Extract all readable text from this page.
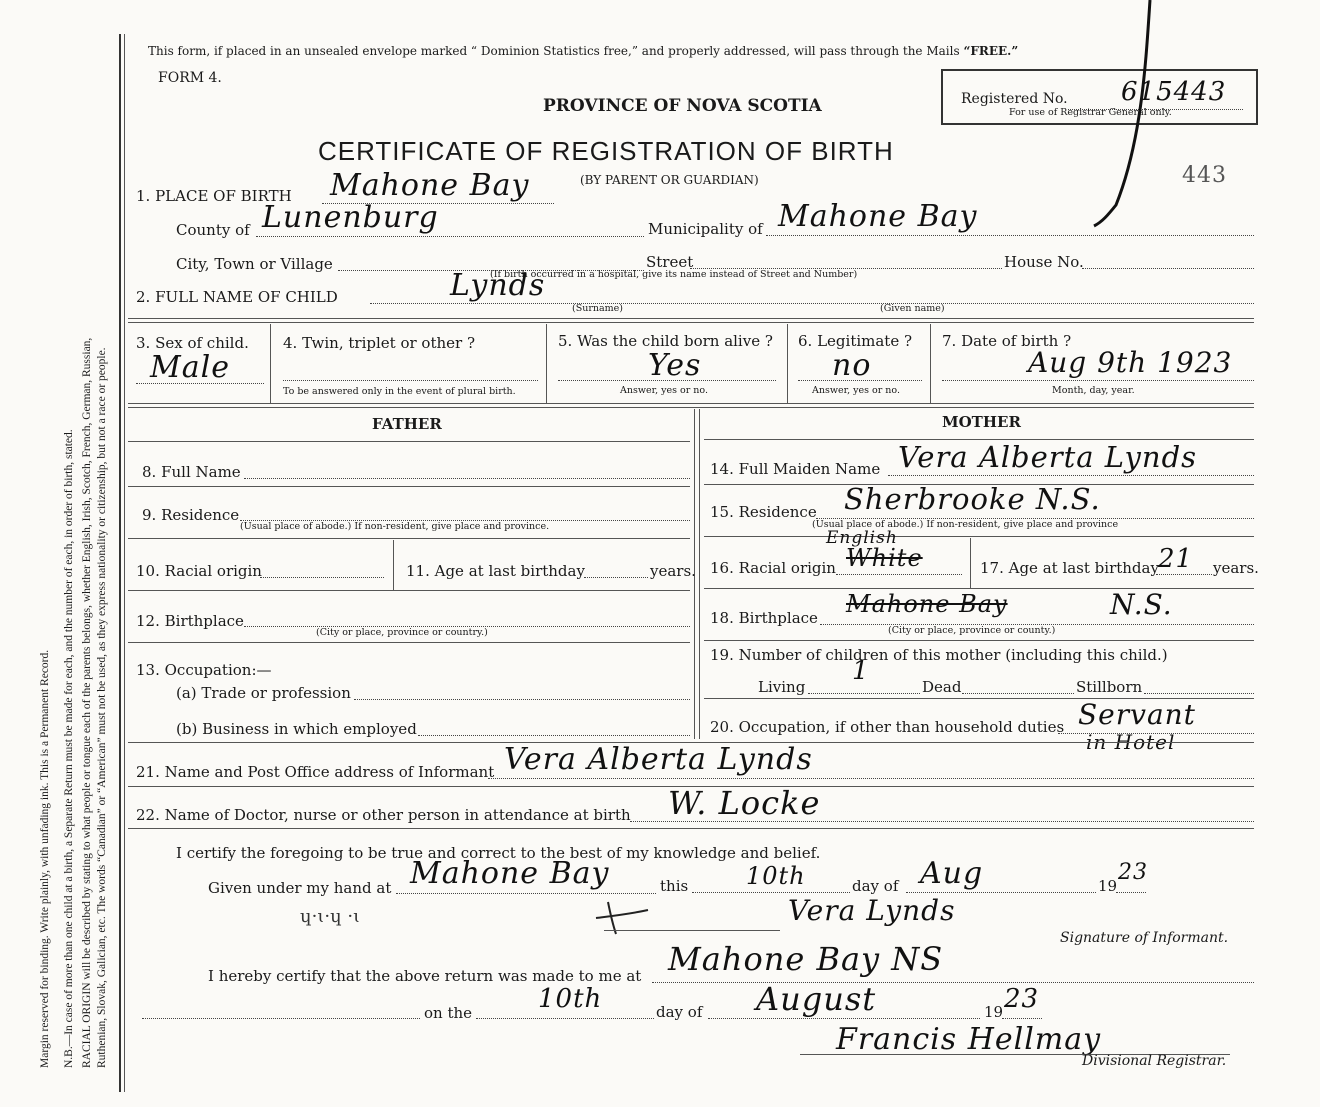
Margin reserved for binding. Write plainly, with unfading ink. This is a Permanent Record. N.B.—In case of more than one child at a birth, a Separate Return must be made for each, and the number of each, in order of birth, stated. RACIAL ORIGIN will be described by stating to what people or tongue each of the parents belongs, whether English, Irish, Scotch, French, German, Russian, Ruthenian, Slovak, Galician, etc. The words “Canadian” or “American” must not be used, as they express nationality or citizenship, but not a race or people.
This form, if placed in an unsealed envelope marked “ Dominion Statistics free,” and properly addressed, will pass through the Mails “FREE.”
FORM 4.
PROVINCE OF NOVA SCOTIA
CERTIFICATE OF REGISTRATION OF BIRTH
(BY PARENT OR GUARDIAN)
Registered No. 615443
For use of Registrar General only.
443
1. PLACE OF BIRTH Mahone Bay
County of Lunenburg	Municipality of Mahone Bay
City, Town or Village	Street	House No.
(If birth occurred in a hospital, give its name instead of Street and Number)
2. FULL NAME OF CHILD	Lynds
(Surname)	(Given name)
3. Sex of child.
Male
4. Twin, triplet or other ?
To be answered only in the event of plural birth.
5. Was the child born alive ?
Yes
Answer, yes or no.
6. Legitimate ?
no
Answer, yes or no.
7. Date of birth ?
Aug 9th 1923
Month, day, year.
FATHER	MOTHER
8. Full Name
9. Residence
(Usual place of abode.) If non-resident, give place and province.
10. Racial origin	11. Age at last birthday	years.
12. Birthplace
(City or place, province or country.)
13. Occupation:—
(a) Trade or profession
(b) Business in which employed
14. Full Maiden Name Vera Alberta Lynds
15. Residence Sherbrooke N.S.
(Usual place of abode.) If non-resident, give place and province
16. Racial origin White
English
17. Age at last birthday 21 years.
18. Birthplace Mahone Bay	N.S.
(City or place, province or county.)
19. Number of children of this mother (including this child.)
Living
1
Dead	Stillborn
20. Occupation, if other than household duties Servant
in Hotel
21. Name and Post Office address of Informant Vera Alberta Lynds
22. Name of Doctor, nurse or other person in attendance at birth W. Locke
I certify the foregoing to be true and correct to the best of my knowledge and belief.
Given under my hand at Mahone Bay	this 10th	day of Aug	19
23
ɥ·ɩ·ɥ ·ɩ	Vera Lynds
Signature of Informant.
I hereby certify that the above return was made to me at Mahone Bay NS
on the	10th	day of August	19 23
Francis Hellmay
Divisional Registrar.
